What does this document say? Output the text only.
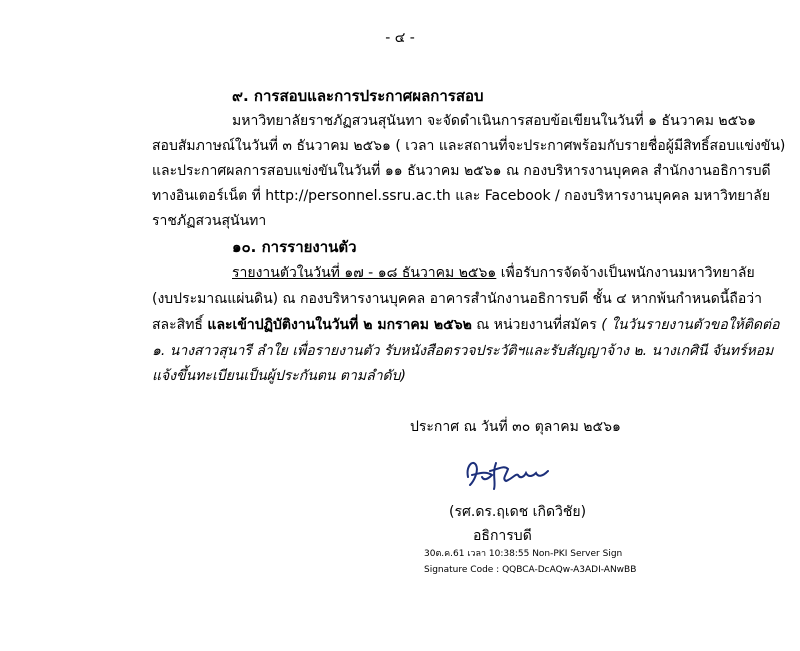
- ๔ -
๙. การสอบและการประกาศผลการสอบ
มหาวิทยาลัยราชภัฏสวนสุนันทา จะจัดดำเนินการสอบข้อเขียนในวันที่ ๑ ธันวาคม ๒๕๖๑
สอบสัมภาษณ์ในวันที่ ๓ ธันวาคม ๒๕๖๑ ( เวลา และสถานที่จะประกาศพร้อมกับรายชื่อผู้มีสิทธิ์สอบแข่งขัน)
และประกาศผลการสอบแข่งขันในวันที่ ๑๑ ธันวาคม ๒๕๖๑ ณ กองบริหารงานบุคคล สำนักงานอธิการบดี
ทางอินเตอร์เน็ต ที่ http://personnel.ssru.ac.th และ Facebook / กองบริหารงานบุคคล มหาวิทยาลัย
ราชภัฏสวนสุนันทา
๑๐. การรายงานตัว
รายงานตัวในวันที่ ๑๗ - ๑๘ ธันวาคม ๒๕๖๑ เพื่อรับการจัดจ้างเป็นพนักงานมหาวิทยาลัย
(งบประมาณแผ่นดิน) ณ กองบริหารงานบุคคล อาคารสำนักงานอธิการบดี ชั้น ๔ หากพ้นกำหนดนี้ถือว่า
สละสิทธิ์ และเข้าปฏิบัติงานในวันที่ ๒ มกราคม ๒๕๖๒ ณ หน่วยงานที่สมัคร ( ในวันรายงานตัวขอให้ติดต่อ
๑. นางสาวสุนารี ลำใย เพื่อรายงานตัว รับหนังสือตรวจประวัติฯและรับสัญญาจ้าง ๒. นางเกศินี จันทร์หอม
แจ้งขึ้นทะเบียนเป็นผู้ประกันตน ตามลำดับ)
ประกาศ ณ วันที่ ๓๐ ตุลาคม ๒๕๖๑
(รศ.ดร.ฤเดช เกิดวิชัย)
อธิการบดี
30ต.ค.61 เวลา 10:38:55 Non-PKI Server Sign
Signature Code : QQBCA-DcAQw-A3ADI-ANwBB
